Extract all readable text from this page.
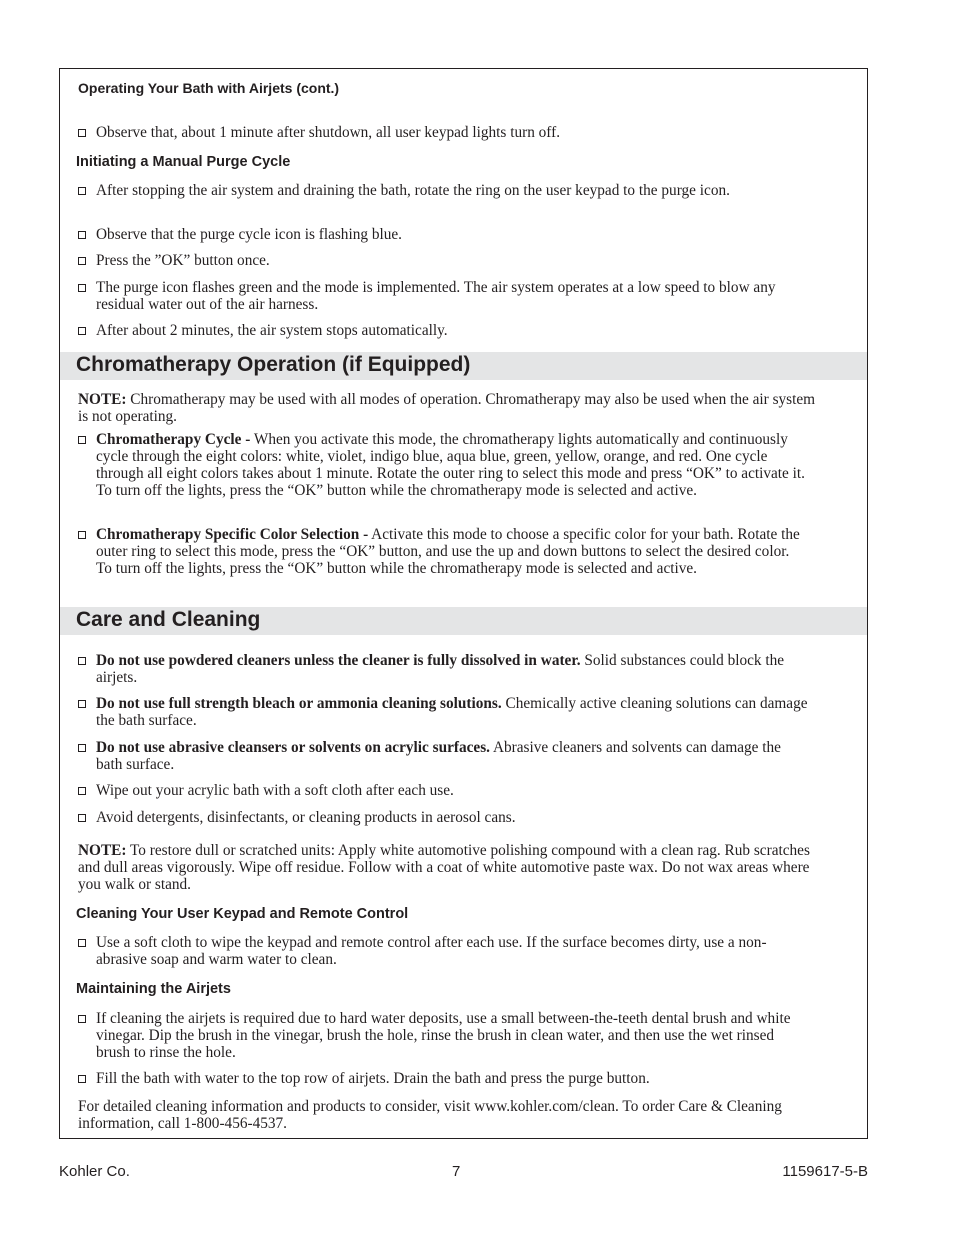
Operating Your Bath with Airjets (cont.)
Observe that, about 1 minute after shutdown, all user keypad lights turn off.
Initiating a Manual Purge Cycle
After stopping the air system and draining the bath, rotate the ring on the user keypad to the purge icon.
Observe that the purge cycle icon is flashing blue.
Press the ”OK” button once.
The purge icon flashes green and the mode is implemented. The air system operates at a low speed to blow any residual water out of the air harness.
After about 2 minutes, the air system stops automatically.
Chromatherapy Operation (if Equipped)
NOTE: Chromatherapy may be used with all modes of operation. Chromatherapy may also be used when the air system is not operating.
Chromatherapy Cycle - When you activate this mode, the chromatherapy lights automatically and continuously cycle through the eight colors: white, violet, indigo blue, aqua blue, green, yellow, orange, and red. One cycle through all eight colors takes about 1 minute. Rotate the outer ring to select this mode and press “OK” to activate it. To turn off the lights, press the “OK” button while the chromatherapy mode is selected and active.
Chromatherapy Specific Color Selection - Activate this mode to choose a specific color for your bath. Rotate the outer ring to select this mode, press the “OK” button, and use the up and down buttons to select the desired color. To turn off the lights, press the “OK” button while the chromatherapy mode is selected and active.
Care and Cleaning
Do not use powdered cleaners unless the cleaner is fully dissolved in water. Solid substances could block the airjets.
Do not use full strength bleach or ammonia cleaning solutions. Chemically active cleaning solutions can damage the bath surface.
Do not use abrasive cleansers or solvents on acrylic surfaces. Abrasive cleaners and solvents can damage the bath surface.
Wipe out your acrylic bath with a soft cloth after each use.
Avoid detergents, disinfectants, or cleaning products in aerosol cans.
NOTE: To restore dull or scratched units: Apply white automotive polishing compound with a clean rag. Rub scratches and dull areas vigorously. Wipe off residue. Follow with a coat of white automotive paste wax. Do not wax areas where you walk or stand.
Cleaning Your User Keypad and Remote Control
Use a soft cloth to wipe the keypad and remote control after each use. If the surface becomes dirty, use a non-abrasive soap and warm water to clean.
Maintaining the Airjets
If cleaning the airjets is required due to hard water deposits, use a small between-the-teeth dental brush and white vinegar. Dip the brush in the vinegar, brush the hole, rinse the brush in clean water, and then use the wet rinsed brush to rinse the hole.
Fill the bath with water to the top row of airjets. Drain the bath and press the purge button.
For detailed cleaning information and products to consider, visit www.kohler.com/clean. To order Care & Cleaning information, call 1-800-456-4537.
Kohler Co.	7	1159617-5-B
